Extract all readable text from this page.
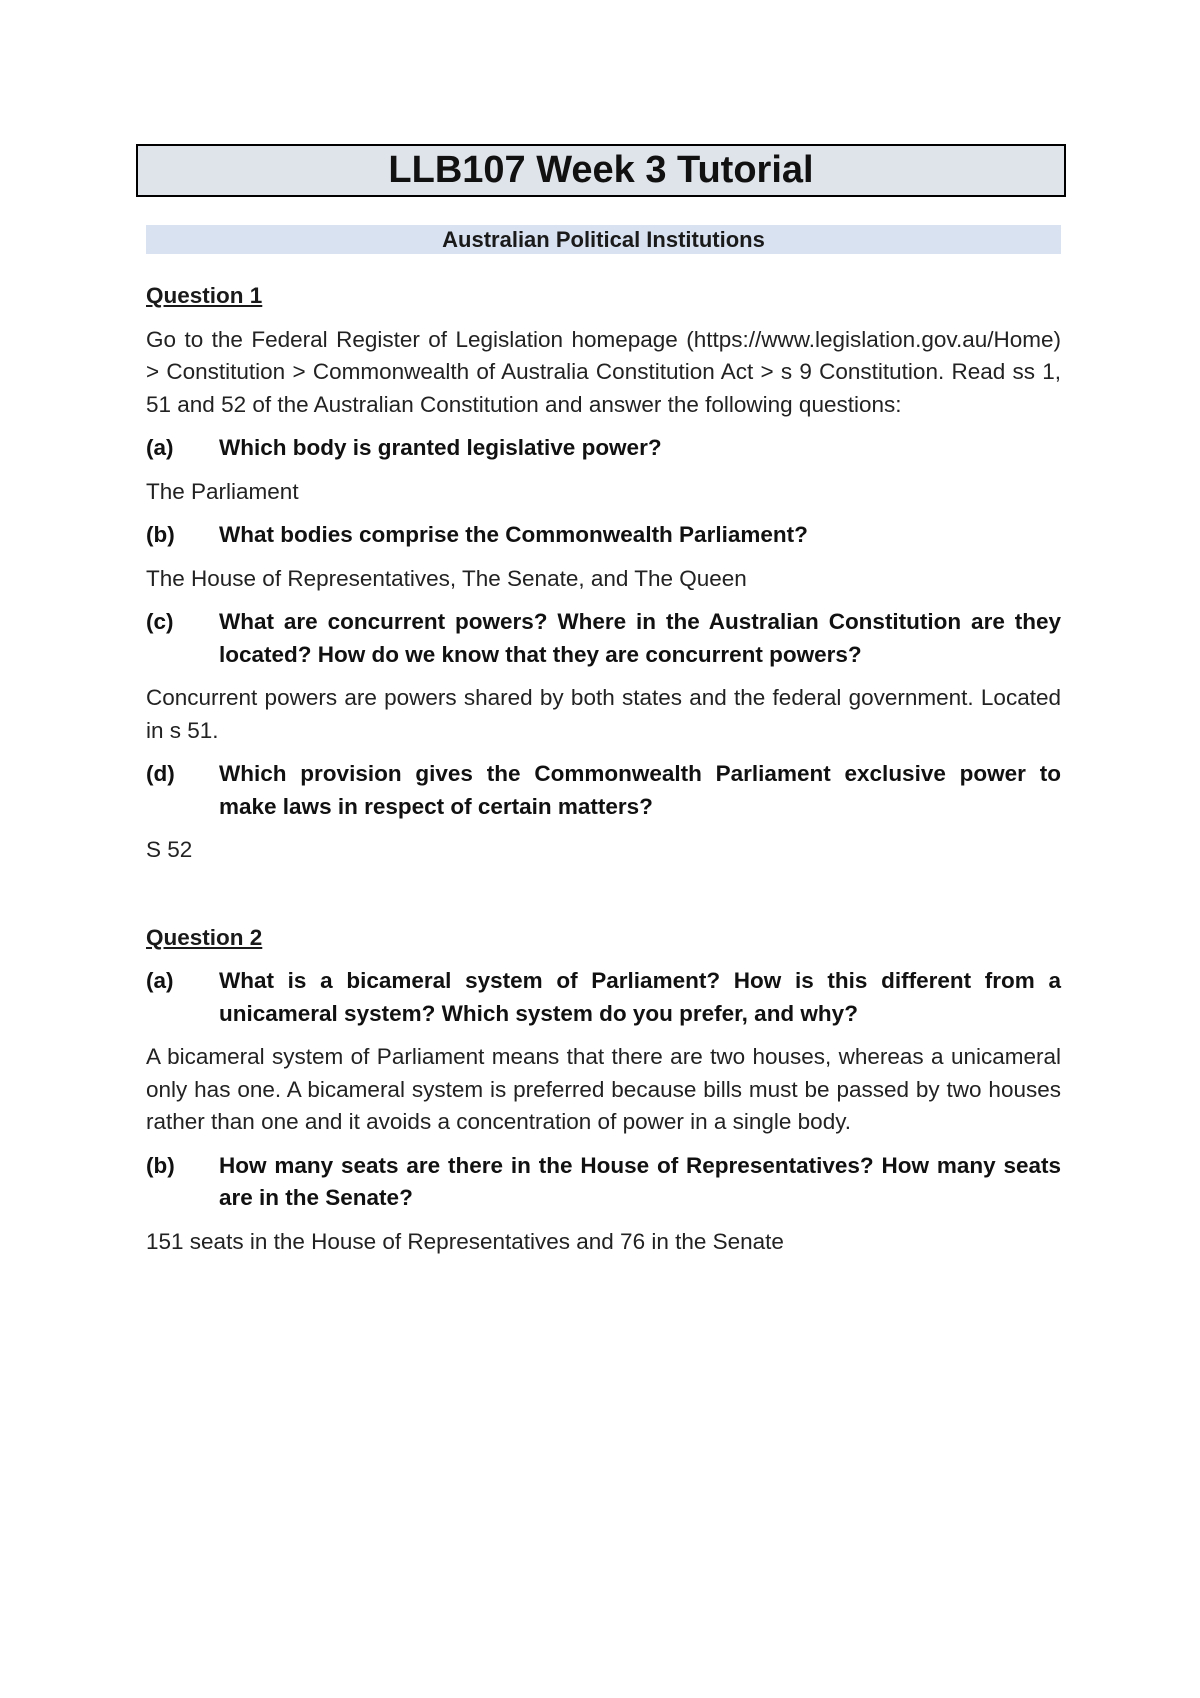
LLB107 Week 3 Tutorial
Australian Political Institutions
Question 1
Go to the Federal Register of Legislation homepage (https://www.legislation.gov.au/Home) > Constitution > Commonwealth of Australia Constitution Act > s 9 Constitution. Read ss 1, 51 and 52 of the Australian Constitution and answer the following questions:
(a)	Which body is granted legislative power?
The Parliament
(b)	What bodies comprise the Commonwealth Parliament?
The House of Representatives, The Senate, and The Queen
(c)	What are concurrent powers? Where in the Australian Constitution are they located? How do we know that they are concurrent powers?
Concurrent powers are powers shared by both states and the federal government. Located in s 51.
(d)	Which provision gives the Commonwealth Parliament exclusive power to make laws in respect of certain matters?
S 52
Question 2
(a)	What is a bicameral system of Parliament? How is this different from a unicameral system? Which system do you prefer, and why?
A bicameral system of Parliament means that there are two houses, whereas a unicameral only has one. A bicameral system is preferred because bills must be passed by two houses rather than one and it avoids a concentration of power in a single body.
(b)	How many seats are there in the House of Representatives? How many seats are in the Senate?
151 seats in the House of Representatives and 76 in the Senate
